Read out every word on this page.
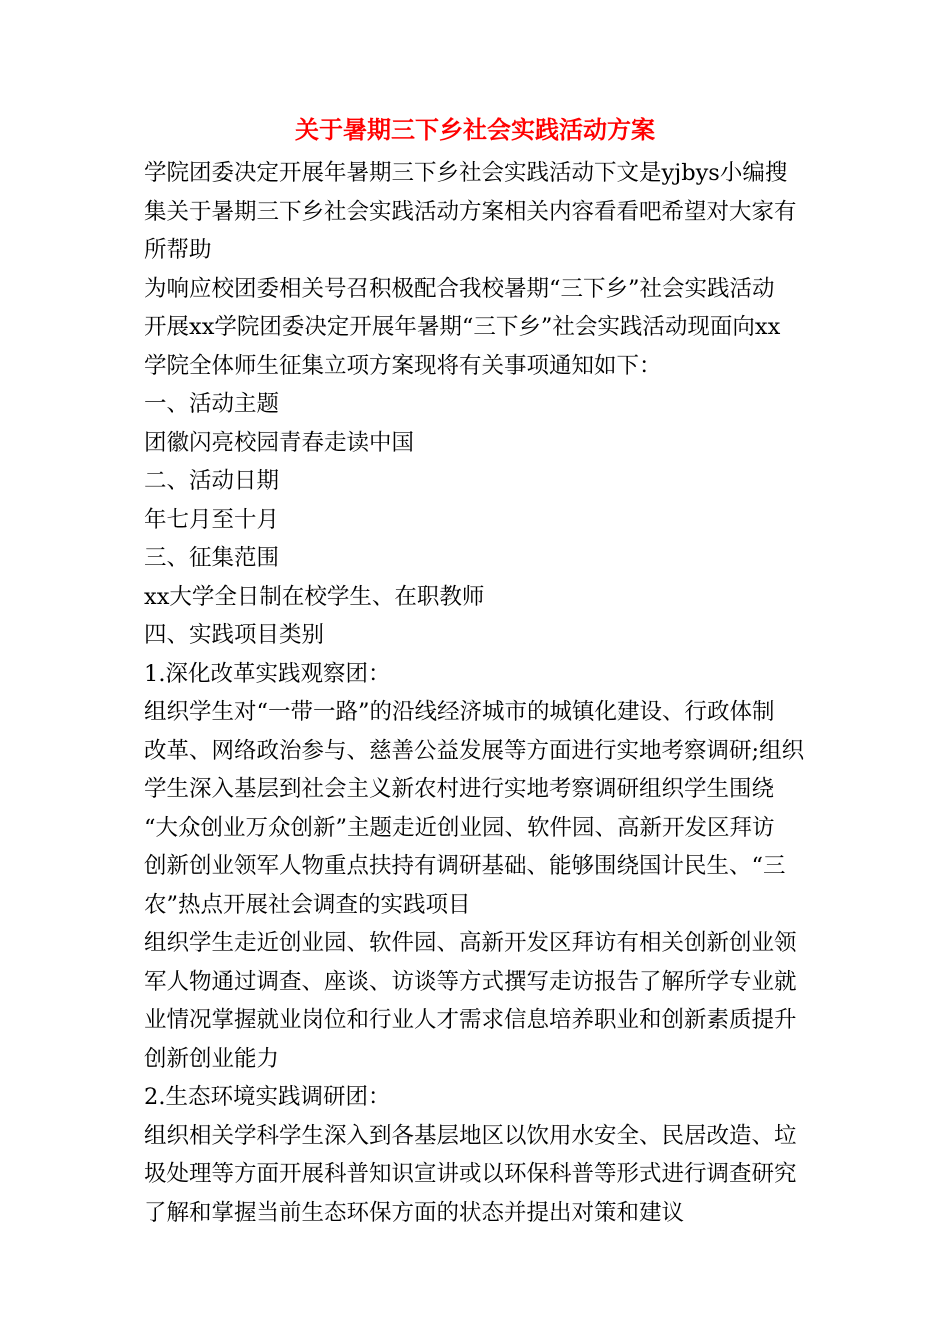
关于暑期三下乡社会实践活动方案
学院团委决定开展年暑期三下乡社会实践活动下文是yjbys小编搜
集关于暑期三下乡社会实践活动方案相关内容看看吧希望对大家有
所帮助
为响应校团委相关号召积极配合我校暑期“三下乡”社会实践活动
开展xx学院团委决定开展年暑期“三下乡”社会实践活动现面向xx
学院全体师生征集立项方案现将有关事项通知如下：
一、活动主题
团徽闪亮校园青春走读中国
二、活动日期
年七月至十月
三、征集范围
xx大学全日制在校学生、在职教师
四、实践项目类别
1.深化改革实践观察团：
组织学生对“一带一路”的沿线经济城市的城镇化建设、行政体制
改革、网络政治参与、慈善公益发展等方面进行实地考察调研;组织
学生深入基层到社会主义新农村进行实地考察调研组织学生围绕
“大众创业万众创新”主题走近创业园、软件园、高新开发区拜访
创新创业领军人物重点扶持有调研基础、能够围绕国计民生、“三
农”热点开展社会调查的实践项目
组织学生走近创业园、软件园、高新开发区拜访有相关创新创业领
军人物通过调查、座谈、访谈等方式撰写走访报告了解所学专业就
业情况掌握就业岗位和行业人才需求信息培养职业和创新素质提升
创新创业能力
2.生态环境实践调研团：
组织相关学科学生深入到各基层地区以饮用水安全、民居改造、垃
圾处理等方面开展科普知识宣讲或以环保科普等形式进行调查研究
了解和掌握当前生态环保方面的状态并提出对策和建议
